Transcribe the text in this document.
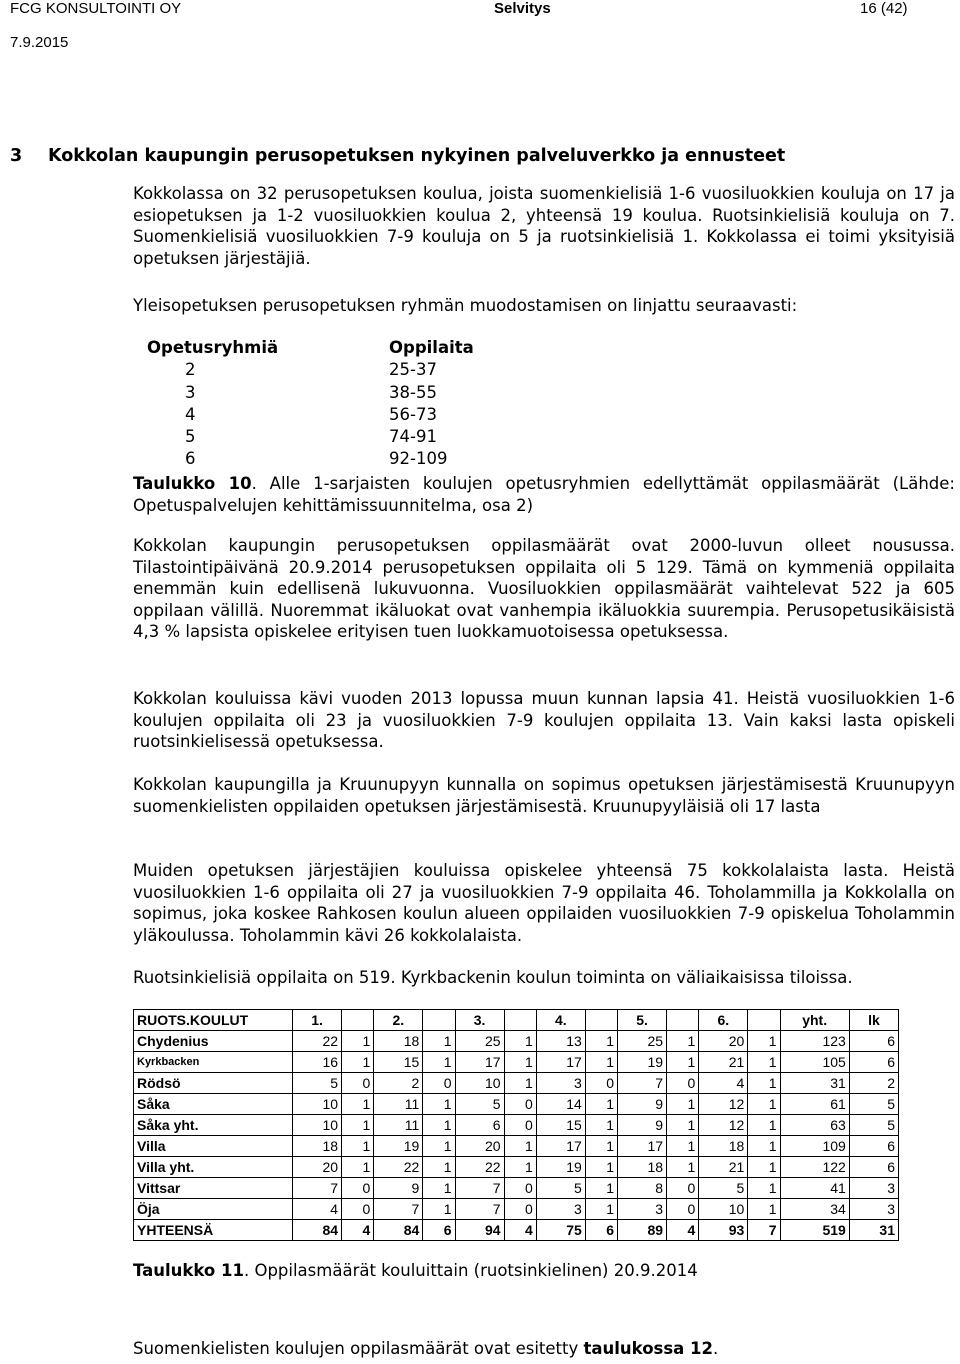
FCG KONSULTOINTI OY	Selvitys	16 (42)
7.9.2015
3 Kokkolan kaupungin perusopetuksen nykyinen palveluverkko ja ennusteet

Kokkolassa on 32 perusopetuksen koulua, joista suomenkielisiä 1-6 vuosiluokkien kouluja on 17 ja esiopetuksen ja 1-2 vuosiluokkien koulua 2, yhteensä 19 koulua. Ruotsinkielisiä kouluja on 7. Suomenkielisiä vuosiluokkien 7-9 kouluja on 5 ja ruotsinkielisiä 1. Kokkolassa ei toimi yksityisiä opetuksen järjestäjiä.

Yleisopetuksen perusopetuksen ryhmän muodostamisen on linjattu seuraavasti:

Opetusryhmiä	Oppilaita
2	25-37
3	38-55
4	56-73
5	74-91
6	92-109

Taulukko 10. Alle 1-sarjaisten koulujen opetusryhmien edellyttämät oppilasmäärät (Lähde: Opetuspalvelujen kehittämissuunnitelma, osa 2)

Kokkolan kaupungin perusopetuksen oppilasmäärät ovat 2000-luvun olleet nousussa. Tilastointipäivänä 20.9.2014 perusopetuksen oppilaita oli 5 129. Tämä on kymmeniä oppilaita enemmän kuin edellisenä lukuvuonna. Vuosiluokkien oppilasmäärät vaihtelevat 522 ja 605 oppilaan välillä. Nuoremmat ikäluokat ovat vanhempia ikäluokkia suurempia. Perusopetusikäisistä 4,3 % lapsista opiskelee erityisen tuen luokkamuotoisessa opetuksessa.

Kokkolan kouluissa kävi vuoden 2013 lopussa muun kunnan lapsia 41. Heistä vuosiluokkien 1-6 koulujen oppilaita oli 23 ja vuosiluokkien 7-9 koulujen oppilaita 13. Vain kaksi lasta opiskeli ruotsinkielisessä opetuksessa.

Kokkolan kaupungilla ja Kruunupyyn kunnalla on sopimus opetuksen järjestämisestä Kruunupyyn suomenkielisten oppilaiden opetuksen järjestämisestä. Kruunupyyläisiä oli 17 lasta

Muiden opetuksen järjestäjien kouluissa opiskelee yhteensä 75 kokkolalaista lasta. Heistä vuosiluokkien 1-6 oppilaita oli 27 ja vuosiluokkien 7-9 oppilaita 46. Toholammilla ja Kokkolalla on sopimus, joka koskee Rahkosen koulun alueen oppilaiden vuosiluokkien 7-9 opiskelua Toholammin yläkoulussa. Toholammin kävi 26 kokkolalaista.

Ruotsinkielisiä oppilaita on 519. Kyrkbackenin koulun toiminta on väliaikaisissa tiloissa.

RUOTS.KOULUT	1.		2.		3.		4.		5.		6.		yht.	lk
Chydenius	22	1	18	1	25	1	13	1	25	1	20	1	123	6
Kyrkbacken	16	1	15	1	17	1	17	1	19	1	21	1	105	6
Rödsö	5	0	2	0	10	1	3	0	7	0	4	1	31	2
Såka	10	1	11	1	5	0	14	1	9	1	12	1	61	5
Såka yht.	10	1	11	1	6	0	15	1	9	1	12	1	63	5
Villa	18	1	19	1	20	1	17	1	17	1	18	1	109	6
Villa yht.	20	1	22	1	22	1	19	1	18	1	21	1	122	6
Vittsar	7	0	9	1	7	0	5	1	8	0	5	1	41	3
Öja	4	0	7	1	7	0	3	1	3	0	10	1	34	3
YHTEENSÄ	84	4	84	6	94	4	75	6	89	4	93	7	519	31

Taulukko 11. Oppilasmäärät kouluittain (ruotsinkielinen) 20.9.2014

Suomenkielisten koulujen oppilasmäärät ovat esitetty taulukossa 12.
